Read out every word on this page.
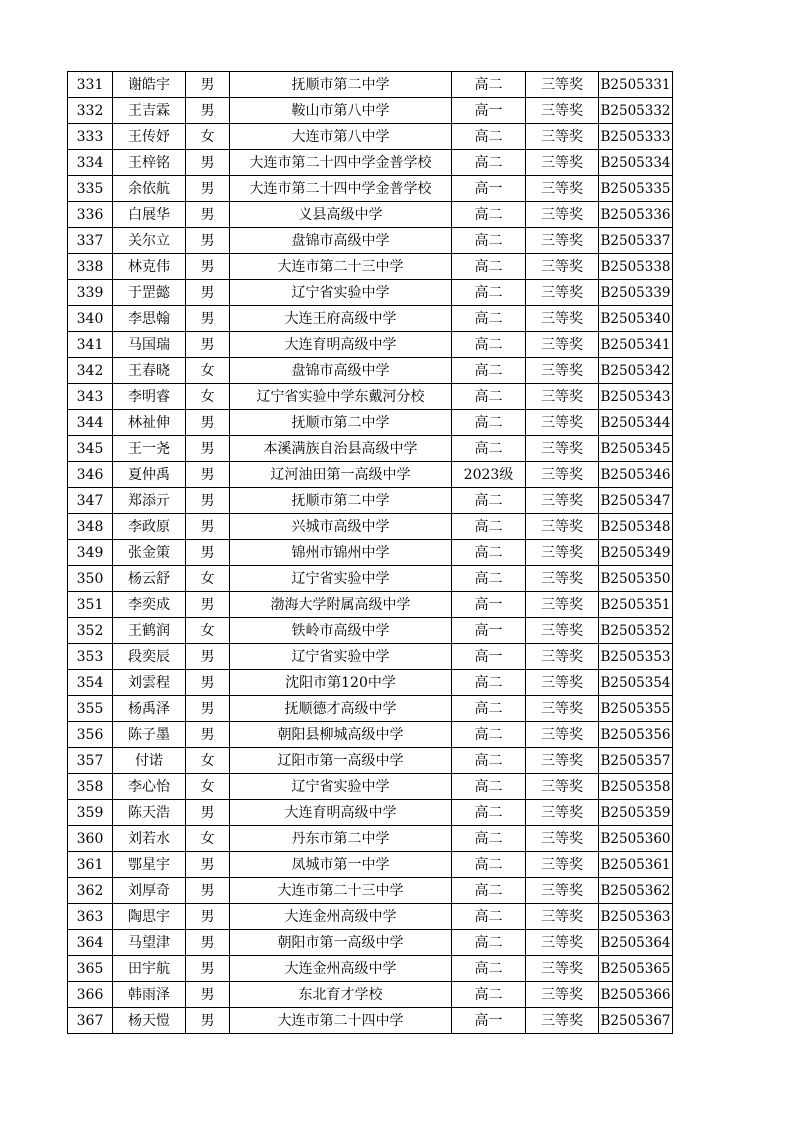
331	谢皓宇	男	抚顺市第二中学	高二	三等奖	B2505331
332	王吉霖	男	鞍山市第八中学	高一	三等奖	B2505332
333	王传妤	女	大连市第八中学	高二	三等奖	B2505333
334	王梓铭	男	大连市第二十四中学金普学校	高二	三等奖	B2505334
335	余依航	男	大连市第二十四中学金普学校	高一	三等奖	B2505335
336	白展华	男	义县高级中学	高二	三等奖	B2505336
337	关尔立	男	盘锦市高级中学	高二	三等奖	B2505337
338	林克伟	男	大连市第二十三中学	高二	三等奖	B2505338
339	于罡懿	男	辽宁省实验中学	高二	三等奖	B2505339
340	李思翰	男	大连王府高级中学	高二	三等奖	B2505340
341	马国瑞	男	大连育明高级中学	高二	三等奖	B2505341
342	王春晓	女	盘锦市高级中学	高二	三等奖	B2505342
343	李明睿	女	辽宁省实验中学东戴河分校	高二	三等奖	B2505343
344	林祉伸	男	抚顺市第二中学	高二	三等奖	B2505344
345	王一尧	男	本溪满族自治县高级中学	高二	三等奖	B2505345
346	夏仲禹	男	辽河油田第一高级中学	2023级	三等奖	B2505346
347	郑添亓	男	抚顺市第二中学	高二	三等奖	B2505347
348	李政原	男	兴城市高级中学	高二	三等奖	B2505348
349	张金策	男	锦州市锦州中学	高二	三等奖	B2505349
350	杨云舒	女	辽宁省实验中学	高二	三等奖	B2505350
351	李奕成	男	渤海大学附属高级中学	高一	三等奖	B2505351
352	王鹤润	女	铁岭市高级中学	高一	三等奖	B2505352
353	段奕辰	男	辽宁省实验中学	高一	三等奖	B2505353
354	刘雲程	男	沈阳市第120中学	高二	三等奖	B2505354
355	杨禹泽	男	抚顺德才高级中学	高二	三等奖	B2505355
356	陈子墨	男	朝阳县柳城高级中学	高二	三等奖	B2505356
357	付诺	女	辽阳市第一高级中学	高二	三等奖	B2505357
358	李心怡	女	辽宁省实验中学	高二	三等奖	B2505358
359	陈天浩	男	大连育明高级中学	高二	三等奖	B2505359
360	刘若水	女	丹东市第二中学	高二	三等奖	B2505360
361	鄂星宇	男	凤城市第一中学	高二	三等奖	B2505361
362	刘厚奇	男	大连市第二十三中学	高二	三等奖	B2505362
363	陶思宇	男	大连金州高级中学	高二	三等奖	B2505363
364	马望津	男	朝阳市第一高级中学	高二	三等奖	B2505364
365	田宇航	男	大连金州高级中学	高二	三等奖	B2505365
366	韩雨泽	男	东北育才学校	高二	三等奖	B2505366
367	杨天愷	男	大连市第二十四中学	高一	三等奖	B2505367
